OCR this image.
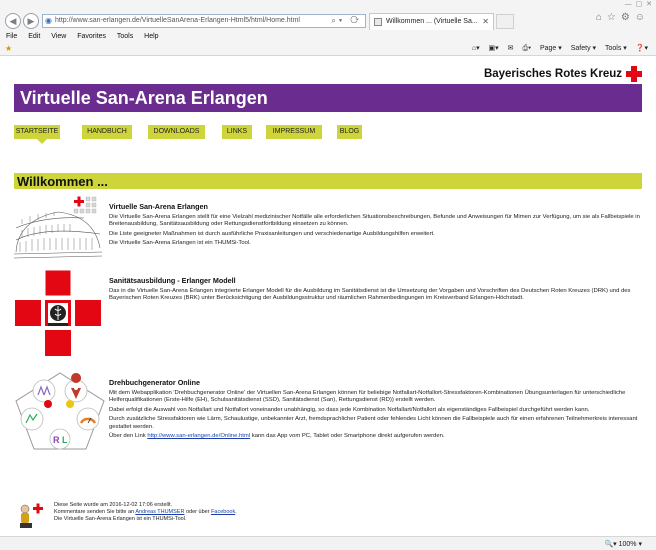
—  ▢  ✕
◀	▶	◉ http://www.san-erlangen.de/VirtuelleSanArena-Erlangen-Html5/html/Home.html	⌕▾ ⟳	Willkommen ... (Virtuelle Sa... ✕	⌂☆⚙☺
File Edit View Favorites Tools Help
★	⌂▾ ▣▾ ✉ ⎙▾ Page ▾ Safety ▾ Tools ▾ ❓▾
Bayerisches Rotes Kreuz
Virtuelle San-Arena Erlangen
STARTSEITE	HANDBUCH	DOWNLOADS	LINKS	IMPRESSUM	BLOG
Willkommen ...
Virtuelle San-Arena Erlangen
Die Virtuelle San-Arena Erlangen stellt für eine Vielzahl medizinischer Notfälle alle erforderlichen Situationsbeschreibungen, Befunde und Anweisungen für Mimen zur Verfügung, um sie als Fallbeispiele in Breitenausbildung, Sanitätsausbildung oder Rettungsdienstfortbildung einsetzen zu können.
Die Liste geeigneter Maßnahmen ist durch ausführliche Praxisanleitungen und verschiedenartige Ausbildungshilfen erweitert.
Die Virtuelle San-Arena Erlangen ist ein THUMSi-Tool.
Sanitätsausbildung - Erlanger Modell
Das in die Virtuelle San-Arena Erlangen integrierte Erlanger Modell für die Ausbildung im Sanitätsdienst ist die Umsetzung der Vorgaben und Vorschriften des Deutschen Roten Kreuzes (DRK) und des Bayerischen Roten Kreuzes (BRK) unter Berücksichtigung der Ausbildungsstruktur und räumlichen Rahmenbedingungen im Kreisverband Erlangen-Höchstadt.
R L
Drehbuchgenerator Online
Mit dem Webapplikation 'Drehbuchgenerator Online' der Virtuellen San-Arena Erlangen können für beliebige Notfallart-Notfallort-Stressfaktoren-Kombinationen Übungsunterlagen für unterschiedliche Helferqualifikationen (Erste-Hilfe (EH), Schulsanitätsdienst (SSD), Sanitätsdienst (San), Rettungsdienst (RD)) erstellt werden.
Dabei erfolgt die Auswahl von Notfallart und Notfallort voneinander unabhängig, so dass jede Kombination Notfallart/Notfallort als eigenständiges Fallbeispiel durchgeführt werden kann.
Durch zusätzliche Stressfaktoren wie Lärm, Schaulustige, unbekannter Arzt, fremdsprachlicher Patient oder fehlendes Licht können die Fallbeispiele auch für einen erfahrenen Teilnehmerkreis interessant gestaltet werden.
Über den Link http://www.san-erlangen.de/Online.html kann das App vom PC, Tablet oder Smartphone direkt aufgerufen werden.
Diese Seite wurde am 2016-12-02 17:06 erstellt.
Kommentare senden Sie bitte an Andreas THUMSER oder über Facebook.
Die Virtuelle San-Arena Erlangen ist ein THUMSi-Tool.
🔍▾ 100% ▾
